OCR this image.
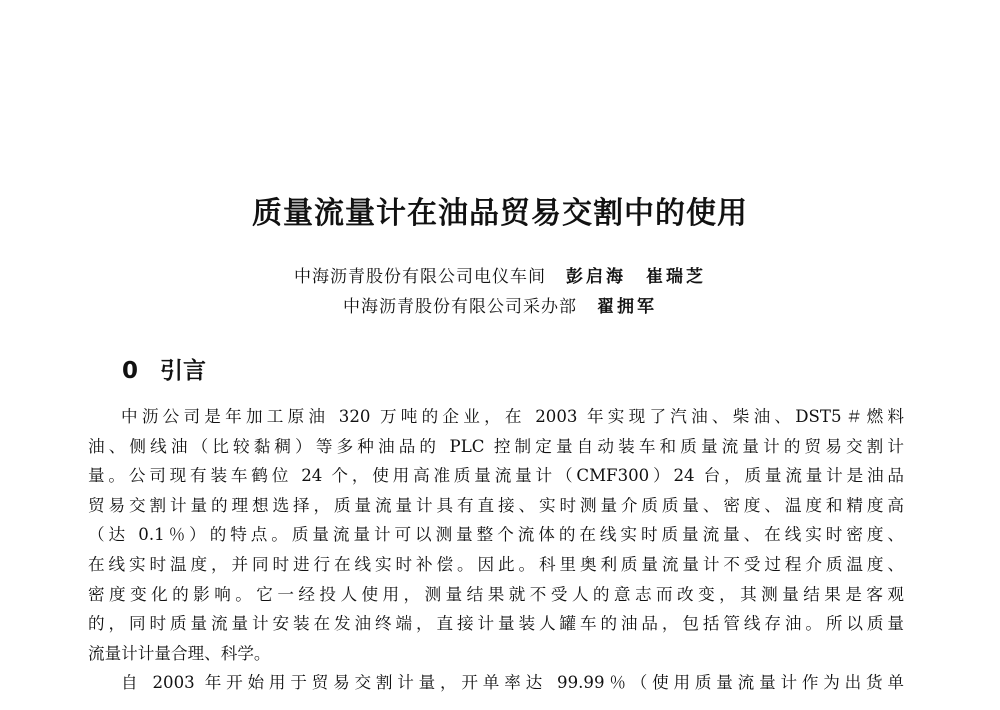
质量流量计在油品贸易交割中的使用
中海沥青股份有限公司电仪车间 彭启海　崔瑞芝
中海沥青股份有限公司采办部 翟拥军
0 引言
中沥公司是年加工原油 320 万吨的企业，在 2003 年实现了汽油、柴油、DST5＃燃料
油、侧线油（比较黏稠）等多种油品的 PLC 控制定量自动装车和质量流量计的贸易交割计
量。公司现有装车鹤位 24 个，使用高准质量流量计（CMF300）24 台，质量流量计是油品
贸易交割计量的理想选择，质量流量计具有直接、实时测量介质质量、密度、温度和精度高
（达 0.1％）的特点。质量流量计可以测量整个流体的在线实时质量流量、在线实时密度、
在线实时温度，并同时进行在线实时补偿。因此。科里奥利质量流量计不受过程介质温度、
密度变化的影响。它一经投人使用，测量结果就不受人的意志而改变，其测量结果是客观
的，同时质量流量计安装在发油终端，直接计量装人罐车的油品，包括管线存油。所以质量
流量计计量合理、科学。
自 2003 年开始用于贸易交割计量，开单率达 99.99％（使用质量流量计作为出货单
